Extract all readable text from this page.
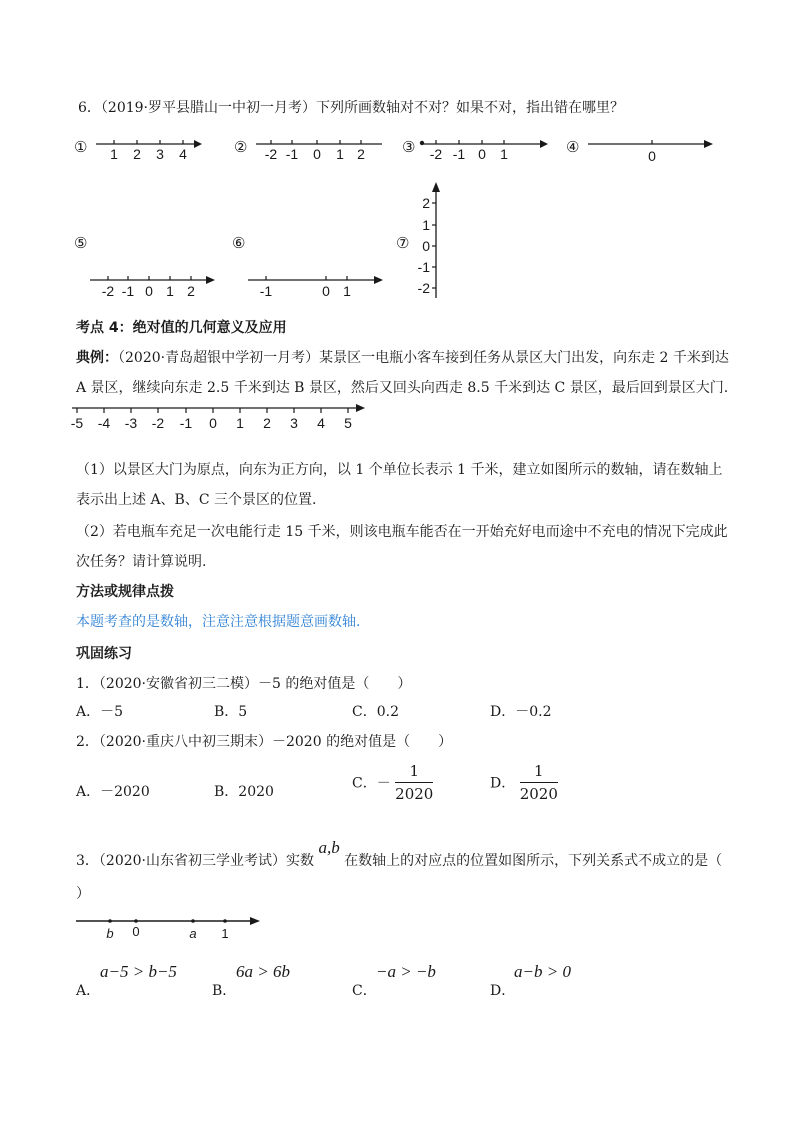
6．（2019·罗平县腊山一中初一月考）下列所画数轴对不对？如果不对，指出错在哪里？
① 1 2 3 4	② -2 -1 0 1 2 ③ -2 -1 0 1	④	0
⑤
-2 -1 0 1 2
⑥
-1	0 1
⑦
2
1
0
-1
-2
考点 4：绝对值的几何意义及应用
典例：（2020·青岛超银中学初一月考）某景区一电瓶小客车接到任务从景区大门出发，向东走 2 千米到达
A 景区，继续向东走 2.5 千米到达 B 景区，然后又回头向西走 8.5 千米到达 C 景区，最后回到景区大门.
-5 -4 -3 -2 -1 0 1 2 3 4 5
（1）以景区大门为原点，向东为正方向，以 1 个单位长表示 1 千米，建立如图所示的数轴，请在数轴上
表示出上述 A、B、C 三个景区的位置.
（2）若电瓶车充足一次电能行走 15 千米，则该电瓶车能否在一开始充好电而途中不充电的情况下完成此
次任务？请计算说明.
方法或规律点拨
本题考查的是数轴，注意注意根据题意画数轴.
巩固练习
1．（2020·安徽省初三二模）－5 的绝对值是（　　）
A．－5	B．5	C．0.2	D．－0.2
2．（2020·重庆八中初三期末）－2020 的绝对值是（　　）
A．－2020	B．2020
C．－ $\frac{1}{2020}$	D． $\frac{1}{2020}$
3．（2020·山东省初三学业考试）实数 a,b 在数轴上的对应点的位置如图所示，下列关系式不成立的是（
）
b 0	a 1
a−5 > b−5
A．
6a > 6b
B．
−a > −b
C．
a−b > 0
D．
